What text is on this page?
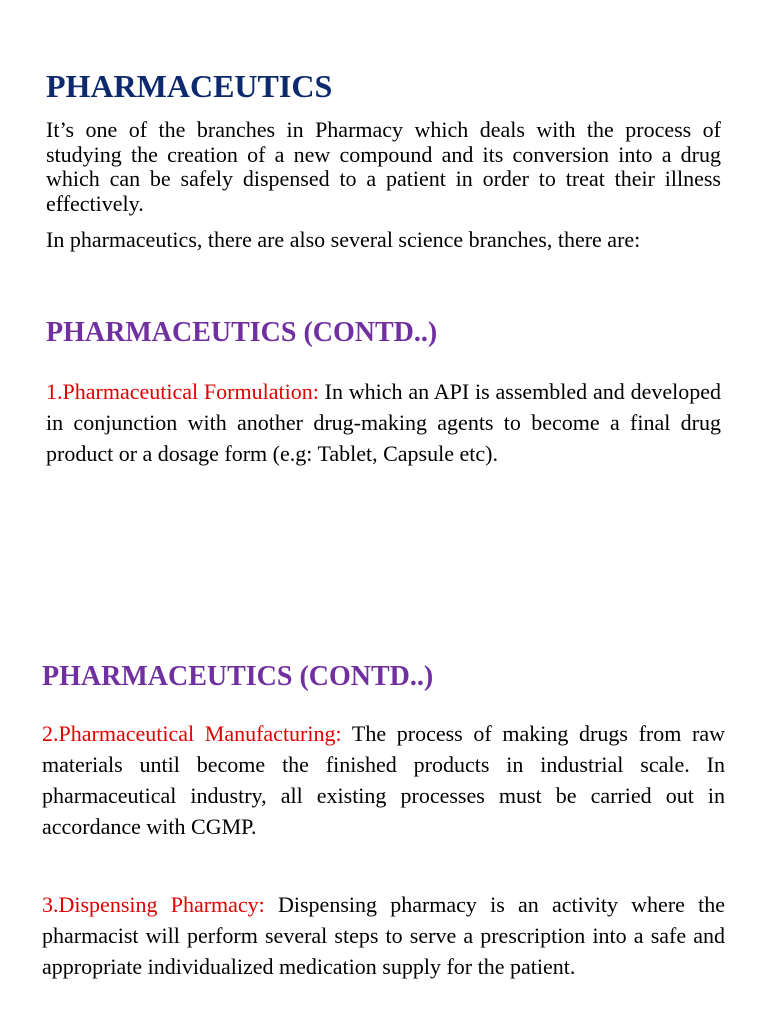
PHARMACEUTICS

It’s one of the branches in Pharmacy which deals with the process of studying the creation of a new compound and its conversion into a drug which can be safely dispensed to a patient in order to treat their illness effectively.

In pharmaceutics, there are also several science branches, there are:

PHARMACEUTICS (CONTD..)

1.Pharmaceutical Formulation: In which an API is assembled and developed in conjunction with another drug-making agents to become a final drug product or a dosage form (e.g: Tablet, Capsule etc).

PHARMACEUTICS (CONTD..)

2.Pharmaceutical Manufacturing: The process of making drugs from raw materials until become the finished products in industrial scale. In pharmaceutical industry, all existing processes must be carried out in accordance with CGMP.

3.Dispensing Pharmacy: Dispensing pharmacy is an activity where the pharmacist will perform several steps to serve a prescription into a safe and appropriate individualized medication supply for the patient.
